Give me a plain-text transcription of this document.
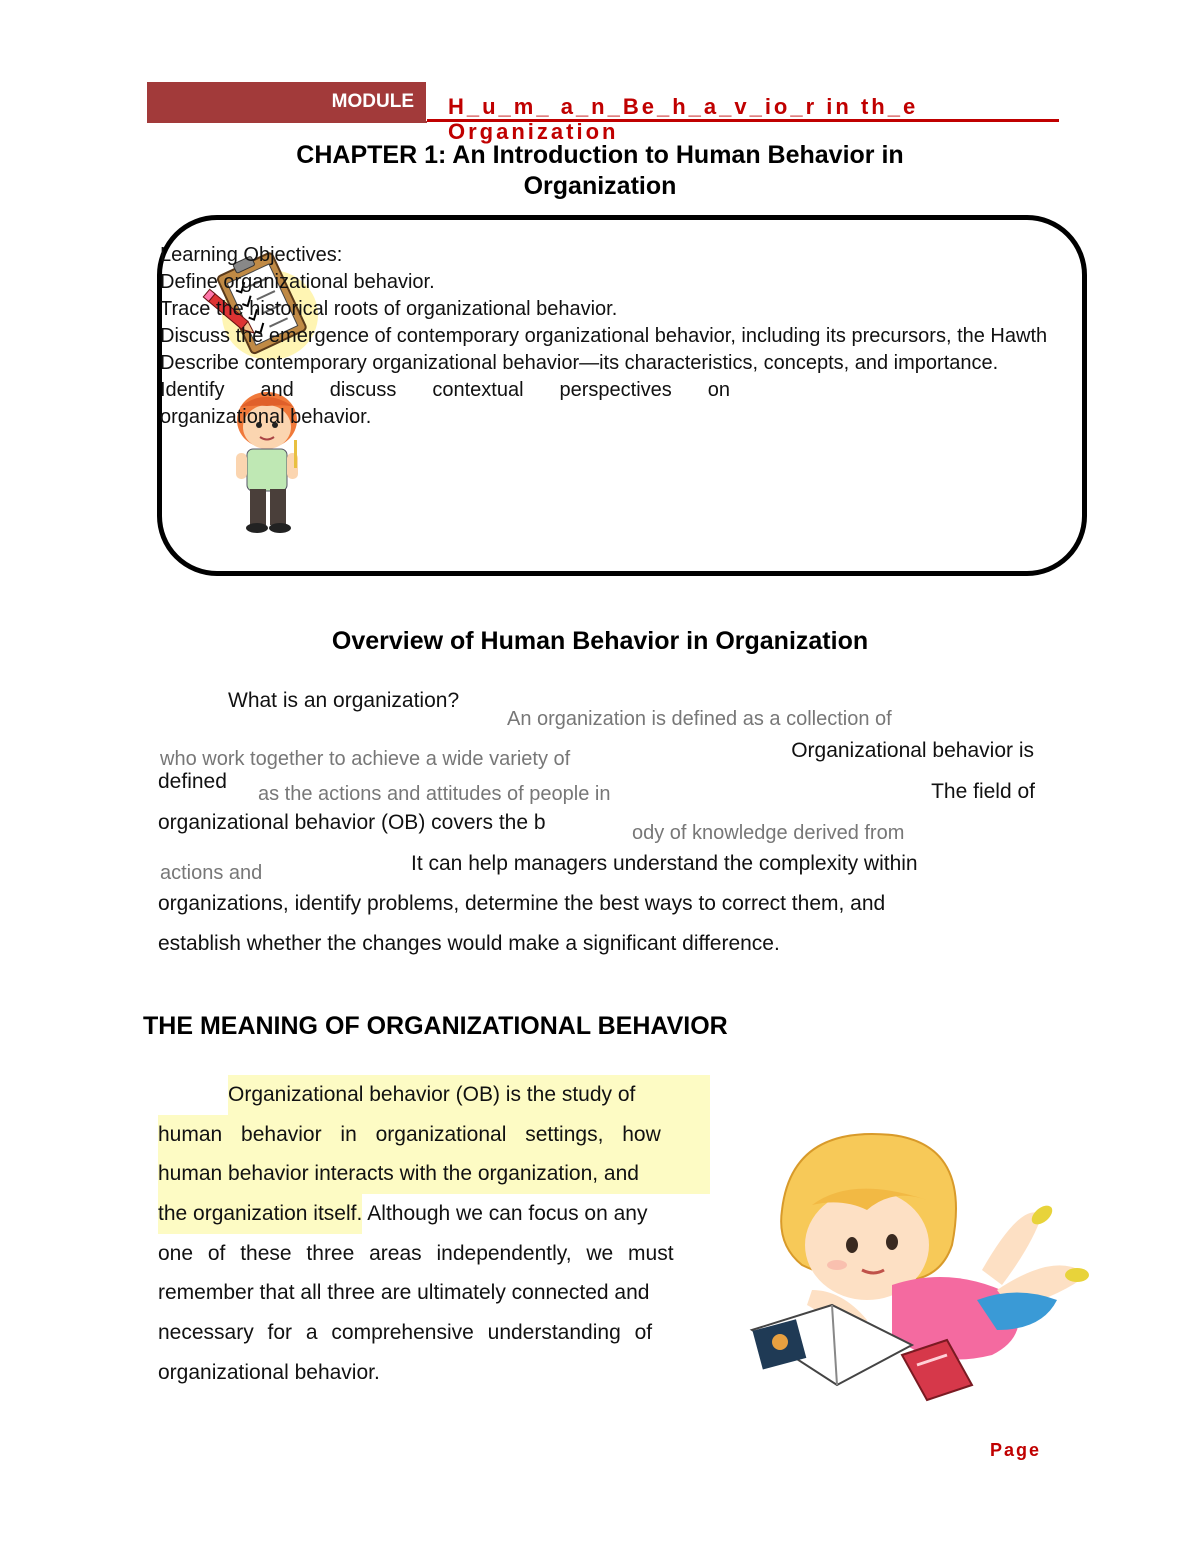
MODULE	H_u_m_ a_n_Be_h_a_v_io_r in th_e
Organization
CHAPTER 1: An Introduction to Human Behavior in
Organization
Learning Objectives:
Define organizational behavior.
Trace the historical roots of organizational behavior.
Discuss the emergence of contemporary organizational behavior, including its precursors, the Hawth
Describe contemporary organizational behavior—its characteristics, concepts, and importance.
Identify and discuss contextual perspectives on
organizational behavior.
Overview of Human Behavior in Organization
What is an organization?
An organization is defined as a collection of
who work together to achieve a wide variety of	Organizational behavior is
defined
as the actions and attitudes of people in	The field of
organizational behavior (OB) covers the b	ody of knowledge derived from
actions and	It can help managers understand the complexity within
organizations, identify problems, determine the best ways to correct them, and
establish whether the changes would make a significant difference.
THE MEANING OF ORGANIZATIONAL BEHAVIOR
Organizational behavior (OB) is the study of
human behavior in organizational settings, how
human behavior interacts with the organization, and
the organization itself. Although we can focus on any
one of these three areas independently, we must
remember that all three are ultimately connected and
necessary for a comprehensive understanding of
organizational behavior.
Page
